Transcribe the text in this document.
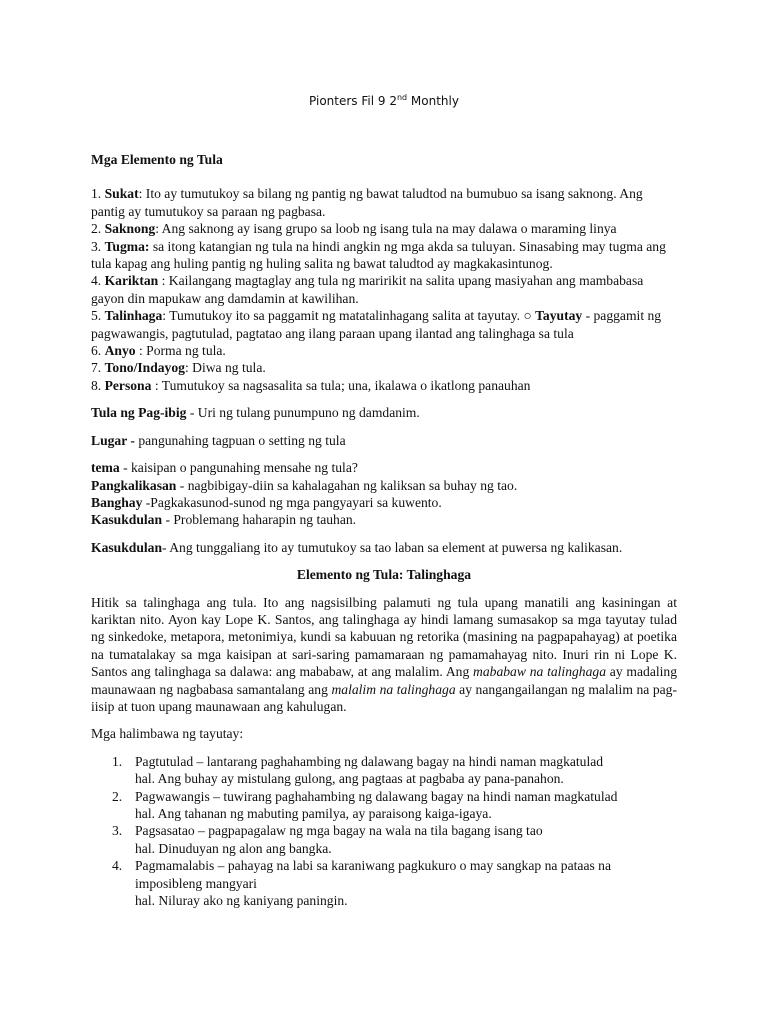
Pionters Fil 9 2nd Monthly

Mga Elemento ng Tula

1. Sukat: Ito ay tumutukoy sa bilang ng pantig ng bawat taludtod na bumubuo sa isang saknong. Ang pantig ay tumutukoy sa paraan ng pagbasa.

2. Saknong: Ang saknong ay isang grupo sa loob ng isang tula na may dalawa o maraming linya

3. Tugma: sa itong katangian ng tula na hindi angkin ng mga akda sa tuluyan. Sinasabing may tugma ang tula kapag ang huling pantig ng huling salita ng bawat taludtod ay magkakasintunog.

4. Kariktan : Kailangang magtaglay ang tula ng maririkit na salita upang masiyahan ang mambabasa gayon din mapukaw ang damdamin at kawilihan.

5. Talinhaga: Tumutukoy ito sa paggamit ng matatalinhagang salita at tayutay. ○ Tayutay - paggamit ng pagwawangis, pagtutulad, pagtatao ang ilang paraan upang ilantad ang talinghaga sa tula

6. Anyo : Porma ng tula.

7. Tono/Indayog: Diwa ng tula.

8. Persona : Tumutukoy sa nagsasalita sa tula; una, ikalawa o ikatlong panauhan

Tula ng Pag-ibig - Uri ng tulang punumpuno ng damdanim.

Lugar - pangunahing tagpuan o setting ng tula

tema - kaisipan o pangunahing mensahe ng tula?

Pangkalikasan - nagbibigay-diin sa kahalagahan ng kaliksan sa buhay ng tao.

Banghay -Pagkakasunod-sunod ng mga pangyayari sa kuwento.

Kasukdulan - Problemang haharapin ng tauhan.

Kasukdulan- Ang tunggaliang ito ay tumutukoy sa tao laban sa element at puwersa ng kalikasan.

Elemento ng Tula: Talinghaga

Hitik sa talinghaga ang tula. Ito ang nagsisilbing palamuti ng tula upang manatili ang kasiningan at kariktan nito. Ayon kay Lope K. Santos, ang talinghaga ay hindi lamang sumasakop sa mga tayutay tulad ng sinkedoke, metapora, metonimiya, kundi sa kabuuan ng retorika (masining na pagpapahayag) at poetika na tumatalakay sa mga kaisipan at sari-saring pamamaraan ng pamamahayag nito. Inuri rin ni Lope K. Santos ang talinghaga sa dalawa: ang mababaw, at ang malalim. Ang mababaw na talinghaga ay madaling maunawaan ng nagbabasa samantalang ang malalim na talinghaga ay nangangailangan ng malalim na pag-iisip at tuon upang maunawaan ang kahulugan.

Mga halimbawa ng tayutay:

1. Pagtutulad – lantarang paghahambing ng dalawang bagay na hindi naman magkatulad
hal. Ang buhay ay mistulang gulong, ang pagtaas at pagbaba ay pana-panahon.
2. Pagwawangis – tuwirang paghahambing ng dalawang bagay na hindi naman magkatulad
hal. Ang tahanan ng mabuting pamilya, ay paraisong kaiga-igaya.
3. Pagsasatao – pagpapagalaw ng mga bagay na wala na tila bagang isang tao
hal. Dinuduyan ng alon ang bangka.
4. Pagmamalabis – pahayag na labi sa karaniwang pagkukuro o may sangkap na pataas na imposibleng mangyari
hal. Niluray ako ng kaniyang paningin.
